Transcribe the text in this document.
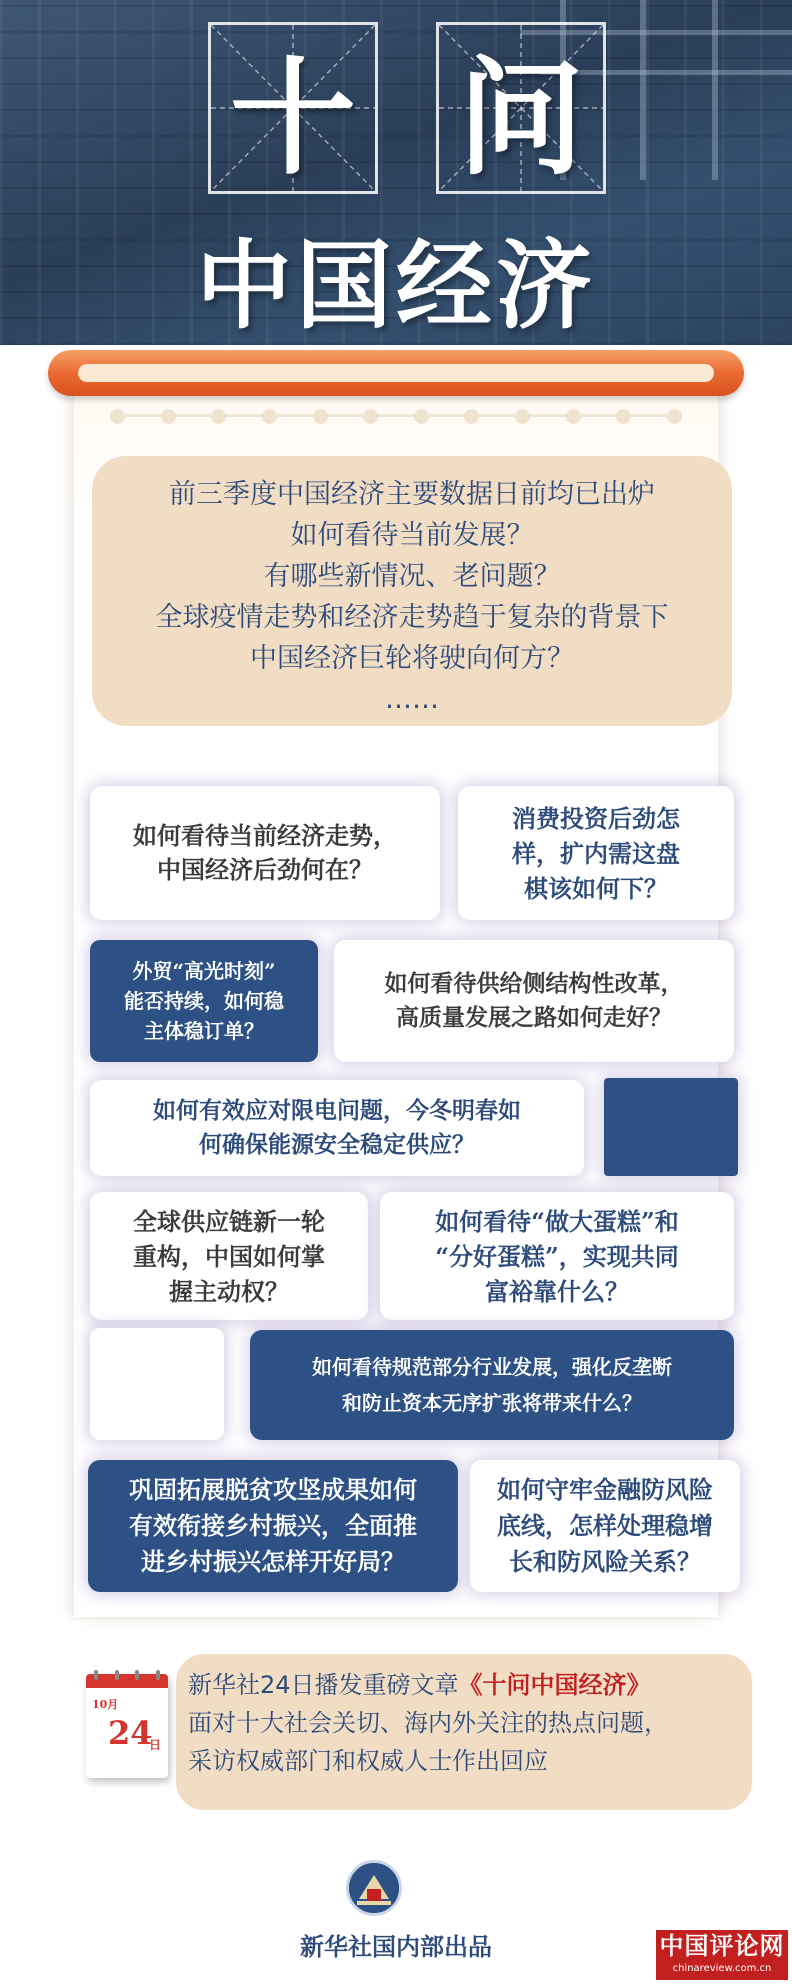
十 问
中国经济
前三季度中国经济主要数据日前均已出炉
如何看待当前发展？
有哪些新情况、老问题？
全球疫情走势和经济走势趋于复杂的背景下
中国经济巨轮将驶向何方？
……
如何看待当前经济走势，
中国经济后劲何在？
消费投资后劲怎
样，扩内需这盘
棋该如何下？
外贸“高光时刻”
能否持续，如何稳
主体稳订单？
如何看待供给侧结构性改革，
高质量发展之路如何走好？
如何有效应对限电问题，今冬明春如
何确保能源安全稳定供应？
全球供应链新一轮
重构，中国如何掌
握主动权？
如何看待“做大蛋糕”和
“分好蛋糕”，实现共同
富裕靠什么？
如何看待规范部分行业发展，强化反垄断
和防止资本无序扩张将带来什么？
巩固拓展脱贫攻坚成果如何
有效衔接乡村振兴，全面推
进乡村振兴怎样开好局？
如何守牢金融防风险
底线，怎样处理稳增
长和防风险关系？
新华社24日播发重磅文章《十问中国经济》
面对十大社会关切、海内外关注的热点问题，
采访权威部门和权威人士作出回应
10月
24
日
新华社国内部出品	中国评论网
chinareview.com.cn
